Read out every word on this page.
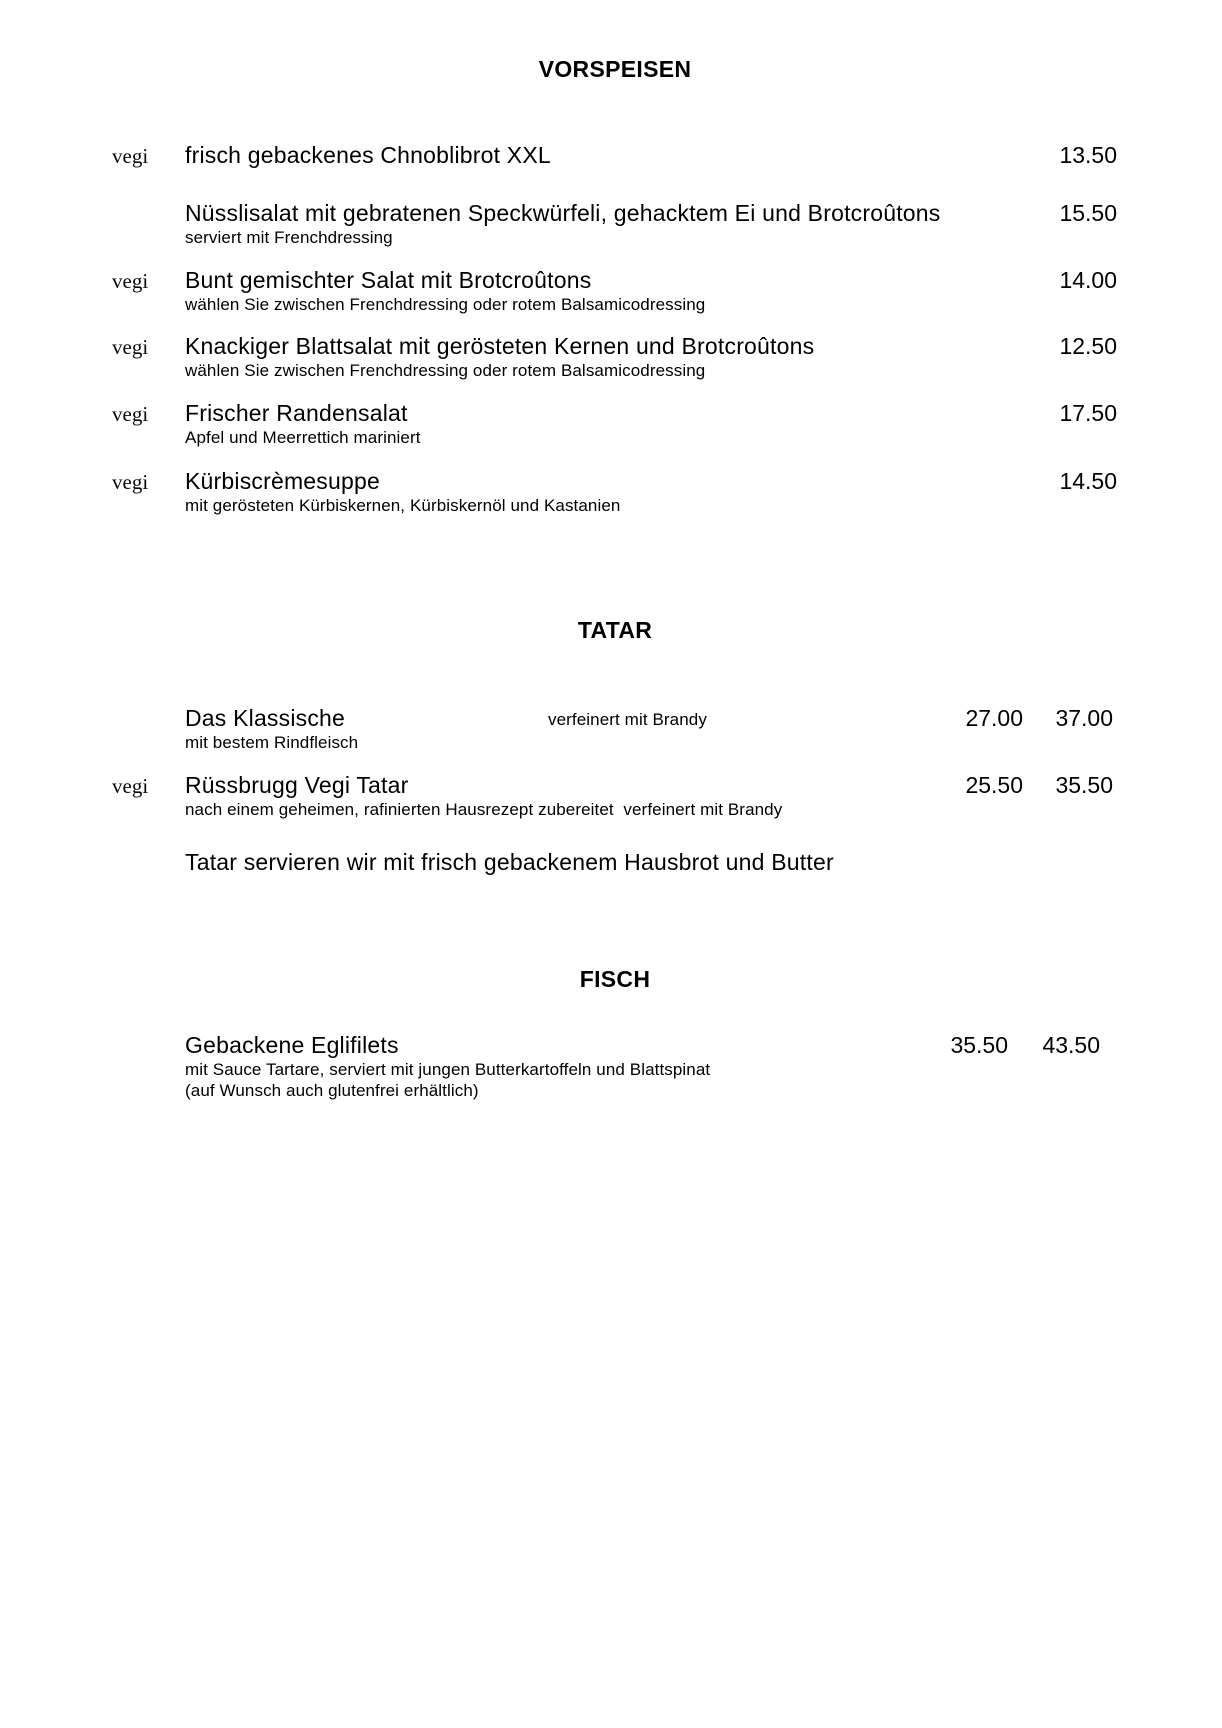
VORSPEISEN
vegi frisch gebackenes Chnoblibrot XXL	13.50
Nüsslisalat mit gebratenen Speckwürfeli, gehacktem Ei und Brotcroûtons
serviert mit Frenchdressing
15.50
vegi Bunt gemischter Salat mit Brotcroûtons
wählen Sie zwischen Frenchdressing oder rotem Balsamicodressing
14.00
vegi Knackiger Blattsalat mit gerösteten Kernen und Brotcroûtons
wählen Sie zwischen Frenchdressing oder rotem Balsamicodressing
12.50
vegi Frischer Randensalat
Apfel und Meerrettich mariniert
17.50
vegi Kürbiscrèmesuppe
mit gerösteten Kürbiskernen, Kürbiskernöl und Kastanien
14.50
TATAR
Das Klassische
mit bestem Rindfleisch
verfeinert mit Brandy	27.00 37.00
vegi Rüssbrugg Vegi Tatar
nach einem geheimen, rafinierten Hausrezept zubereitet  verfeinert mit Brandy
25.50 35.50
Tatar servieren wir mit frisch gebackenem Hausbrot und Butter
FISCH
Gebackene Eglifilets
mit Sauce Tartare, serviert mit jungen Butterkartoffeln und Blattspinat
(auf Wunsch auch glutenfrei erhältlich)
35.50 43.50
